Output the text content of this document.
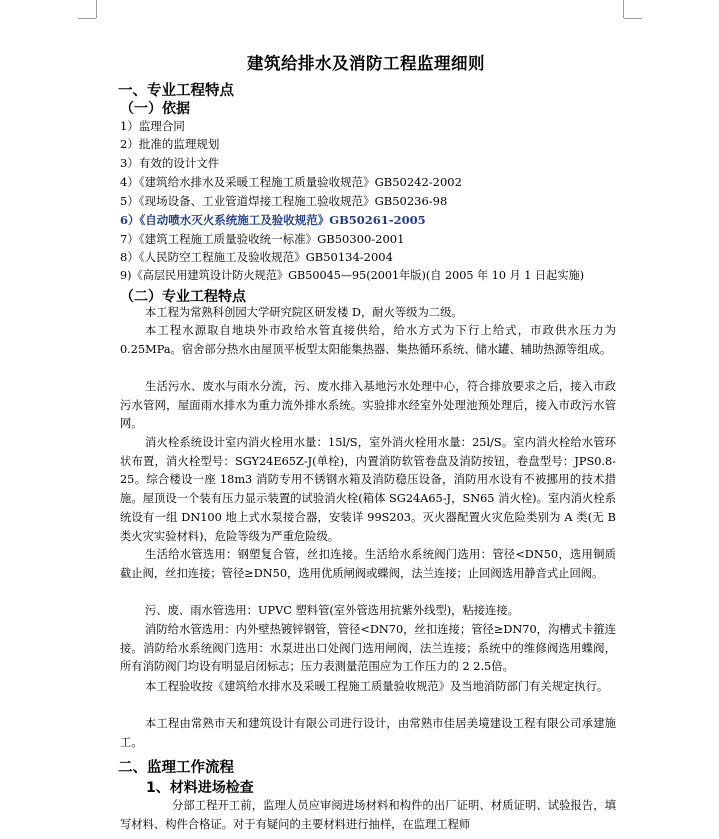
建筑给排水及消防工程监理细则
一、专业工程特点
（一）依据
1）监理合同
2）批准的监理规划
3）有效的设计文件
4）《建筑给水排水及采暖工程施工质量验收规范》GB50242-2002
5）《现场设备、工业管道焊接工程施工验收规范》GB50236-98
6）《自动喷水灭火系统施工及验收规范》GB50261-2005
7）《建筑工程施工质量验收统一标准》GB50300-2001
8）《人民防空工程施工及验收规范》GB50134-2004
9)《高层民用建筑设计防火规范》GB50045—95(2001年版)(自 2005 年 10 月 1 日起实施)
（二）专业工程特点
本工程为常熟科创园大学研究院区研发楼 D，耐火等级为二级。
本工程水源取自地块外市政给水管直接供给，给水方式为下行上给式，市政供水压力为 0.25MPa。宿舍部分热水由屋顶平板型太阳能集热器、集热循环系统、储水罐、辅助热源等组成。
生活污水、废水与雨水分流，污、废水排入基地污水处理中心，符合排放要求之后，接入市政污水管网，屋面雨水排水为重力流外排水系统。实验排水经室外处理池预处理后，接入市政污水管网。
消火栓系统设计室内消火栓用水量：15l/S，室外消火栓用水量：25l/S。室内消火栓给水管环状布置，消火栓型号：SGY24E65Z-J(单栓)，内置消防软管卷盘及消防按钮，卷盘型号：JPS0.8-25。综合楼设一座 18m3 消防专用不锈钢水箱及消防稳压设备，消防用水设有不被挪用的技术措施。屋顶设一个装有压力显示装置的试验消火栓(箱体 SG24A65-J，SN65 消火栓)。室内消火栓系统设有一组 DN100 地上式水泵接合器，安装详 99S203。灭火器配置火灾危险类别为 A 类(无 B 类火灾实验材料)，危险等级为严重危险级。
生活给水管选用：钢塑复合管，丝扣连接。生活给水系统阀门选用：管径<DN50，选用铜质截止阀，丝扣连接；管径≥DN50，选用优质闸阀或蝶阀，法兰连接；止回阀选用静音式止回阀。
污、废、雨水管选用：UPVC 塑料管(室外管选用抗紫外线型)，粘接连接。
消防给水管选用：内外壁热镀锌钢管，管径<DN70，丝扣连接；管径≥DN70，沟槽式卡箍连接。消防给水系统阀门选用：水泵进出口处阀门选用闸阀，法兰连接；系统中的维修阀选用蝶阀，所有消防阀门均设有明显启闭标志；压力表测量范围应为工作压力的 2 2.5倍。
本工程验收按《建筑给水排水及采暖工程施工质量验收规范》及当地消防部门有关规定执行。
本工程由常熟市天和建筑设计有限公司进行设计，由常熟市佳居美境建设工程有限公司承建施工。
二、监理工作流程
1、材料进场检查
分部工程开工前，监理人员应审阅进场材料和构件的出厂证明、材质证明、试验报告，填写材料、构件合格证。对于有疑问的主要材料进行抽样，在监理工程师
